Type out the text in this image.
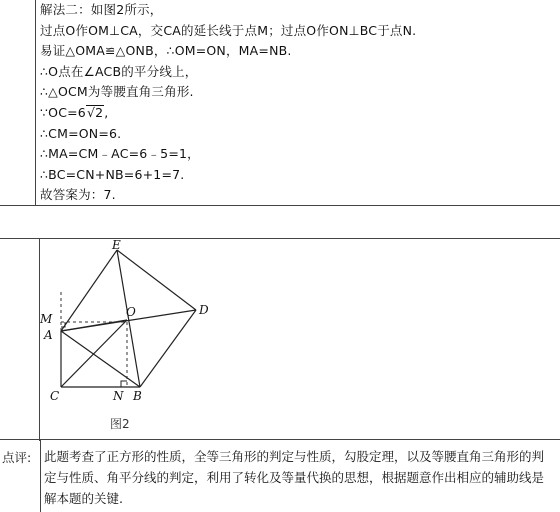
解法二：如图2所示，
过点O作OM⊥CA，交CA的延长线于点M；过点O作ON⊥BC于点N.
易证△OMA≌△ONB，∴OM=ON，MA=NB.
∴O点在∠ACB的平分线上，
∴△OCM为等腰直角三角形.
∵OC=6√2,
∴CM=ON=6.
∴MA=CM﹣AC=6﹣5=1，
∴BC=CN+NB=6+1=7.
故答案为：7.
E
D
M	O
A
C	N B
图2
点评: 此题考查了正方形的性质，全等三角形的判定与性质，勾股定理，以及等腰直角三角形的判定与性质、角平分线的判定，利用了转化及等量代换的思想，根据题意作出相应的辅助线是解本题的关键.
